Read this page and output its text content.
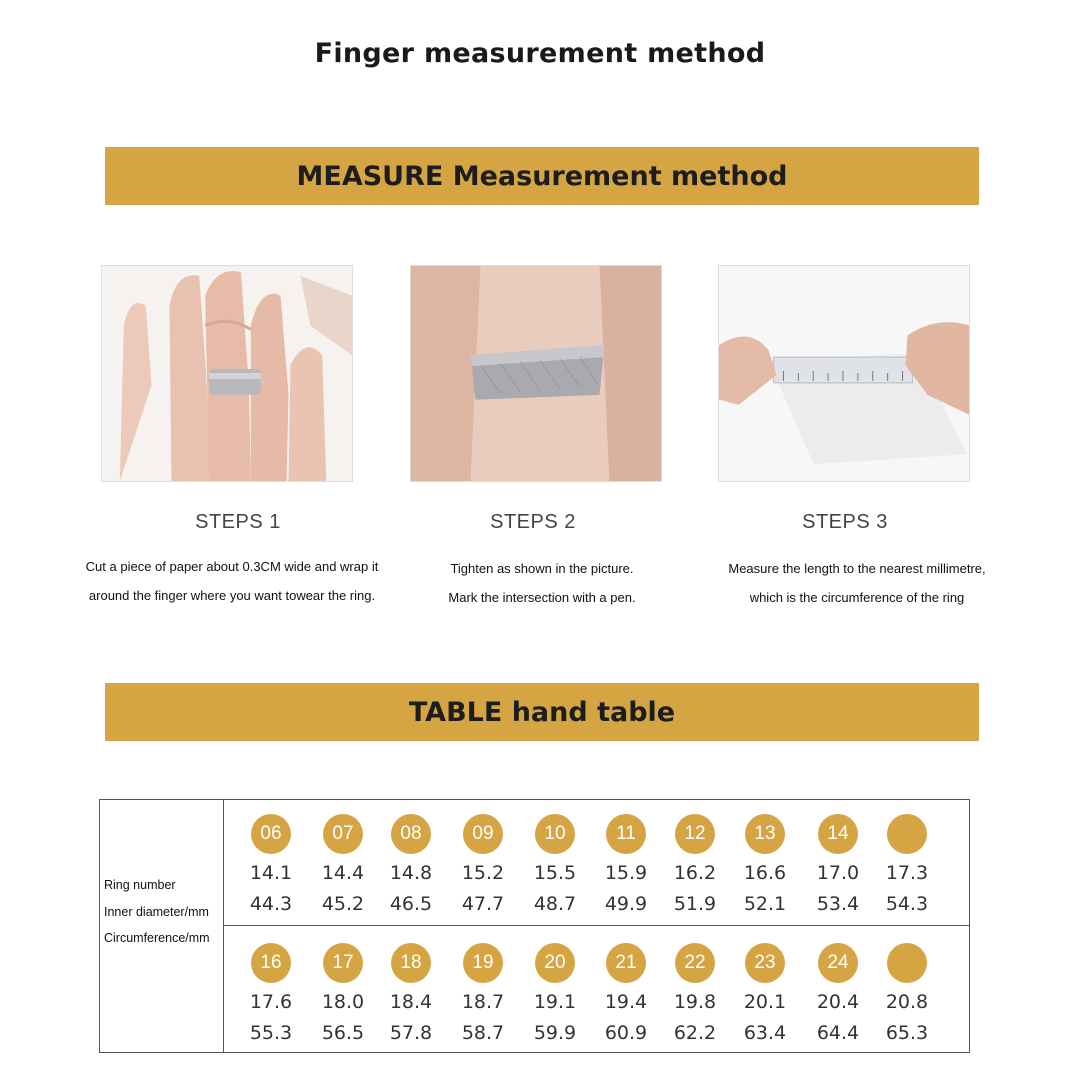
Finger measurement method
MEASURE Measurement method
STEPS 1	STEPS 2	STEPS 3
Cut a piece of paper about 0.3CM wide and wrap it
around the finger where you want towear the ring.
Tighten as shown in the picture.
Mark the intersection with a pen.
Measure the length to the nearest millimetre,
which is the circumference of the ring
TABLE hand table
Ring number
Inner diameter/mm
Circumference/mm
06
14.1
44.3
07
14.4
45.2
08
14.8
46.5
09
15.2
47.7
10
15.5
48.7
11
15.9
49.9
12
16.2
51.9
13
16.6
52.1
14
17.0
53.4
17.3
54.3
16
17.6
55.3
17
18.0
56.5
18
18.4
57.8
19
18.7
58.7
20
19.1
59.9
21
19.4
60.9
22
19.8
62.2
23
20.1
63.4
24
20.4
64.4
20.8
65.3
